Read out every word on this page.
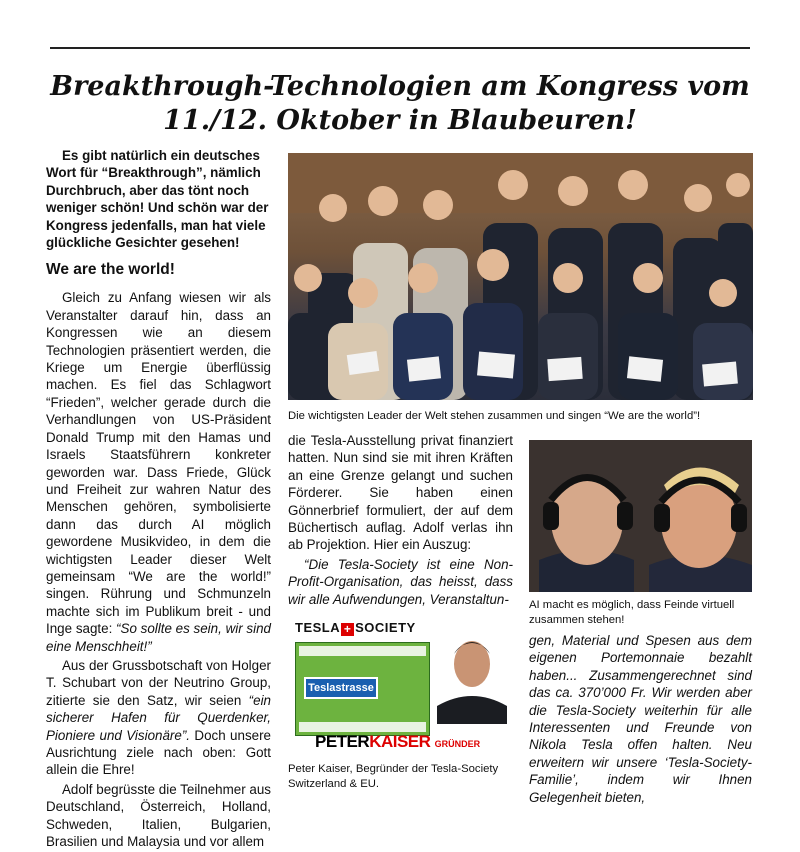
Breakthrough-Technologien am Kongress vom
11./12. Oktober in Blaubeuren!

Es gibt natürlich ein deutsches Wort für “Breakthrough”, nämlich Durchbruch, aber das tönt noch weniger schön! Und schön war der Kongress jedenfalls, man hat viele glückliche Gesichter gesehen!

We are the world!

Gleich zu Anfang wiesen wir als Veranstalter darauf hin, dass an Kongressen wie an diesem Technologien präsentiert werden, die Kriege um Energie überflüssig machen. Es fiel das Schlagwort “Frieden”, welcher gerade durch die Verhandlungen von US-Präsident Donald Trump mit den Hamas und Israels Staatsführern konkreter geworden war. Dass Friede, Glück und Freiheit zur wahren Natur des Menschen gehören, symbolisierte dann das durch AI möglich gewordene Musikvideo, in dem die wichtigsten Leader dieser Welt gemeinsam “We are the world!” singen. Rührung und Schmunzeln machte sich im Publikum breit - und Inge sagte: “So sollte es sein, wir sind eine Menschheit!”

Aus der Grussbotschaft von Holger T. Schubart von der Neutrino Group, zitierte sie den Satz, wir seien “ein sicherer Hafen für Querdenker, Pioniere und Visionäre”. Doch unsere Ausrichtung ziele nach oben: Gott allein die Ehre!

Adolf begrüsste die Teilnehmer aus Deutschland, Österreich, Holland, Schweden, Italien, Bulgarien, Brasilien und Malaysia und vor allem

Die wichtigsten Leader der Welt stehen zusammen und singen “We are the world”!

die Tesla-Ausstellung privat finanziert hatten. Nun sind sie mit ihren Kräften an eine Grenze gelangt und suchen Förderer. Sie haben einen Gönnerbrief formuliert, der auf dem Büchertisch auflag. Adolf verlas ihn ab Projektion. Hier ein Auszug:

“Die Tesla-Society ist eine Non-Profit-Organisation, das heisst, dass wir alle Aufwendungen, Veranstaltun-	AI macht es möglich, dass Feinde virtuell zusammen stehen!
TESLA + SOCIETY
Teslastrasse
PETERKAISER GRÜNDER
Peter Kaiser, Begründer der Tesla-Society Switzerland & EU.

gen, Material und Spesen aus dem eigenen Portemonnaie bezahlt haben... Zusammengerechnet sind das ca. 370’000 Fr. Wir werden aber die Tesla-Society weiterhin für alle Interessenten und Freunde von Nikola Tesla offen halten. Neu erweitern wir unsere ‘Tesla-Society-Familie’, indem wir Ihnen Gelegenheit bieten,
